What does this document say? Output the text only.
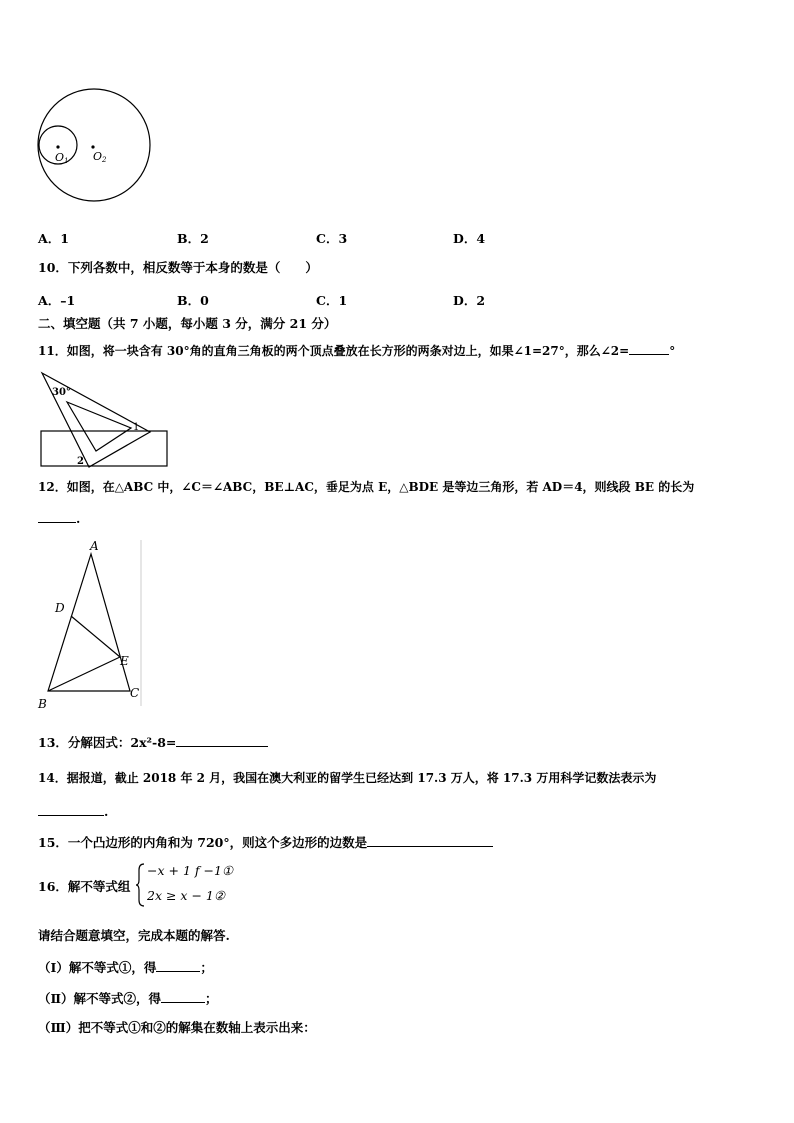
O1 O2
A．1	B．2	C．3	D．4
10．下列各数中，相反数等于本身的数是（　　）
A．–1	B．0	C．1	D．2
二、填空题（共 7 小题，每小题 3 分，满分 21 分）
11．如图，将一块含有 30°角的直角三角板的两个顶点叠放在长方形的两条对边上，如果∠1=27°，那么∠2=	°
30°
1
2
12．如图，在△ABC 中，∠C＝∠ABC，BE⊥AC，垂足为点 E，△BDE 是等边三角形，若 AD＝4，则线段 BE 的长为
.
A
D
E
B
C
13．分解因式：2x²-8=
14．据报道，截止 2018 年 2 月，我国在澳大利亚的留学生已经达到 17.3 万人，将 17.3 万用科学记数法表示为
.
15．一个凸边形的内角和为 720°，则这个多边形的边数是
16．解不等式组
−x + 1 f −1①
2x ≥ x − 1②
请结合题意填空，完成本题的解答.
（Ⅰ）解不等式①，得	；
（Ⅱ）解不等式②，得	；
（Ⅲ）把不等式①和②的解集在数轴上表示出来：
